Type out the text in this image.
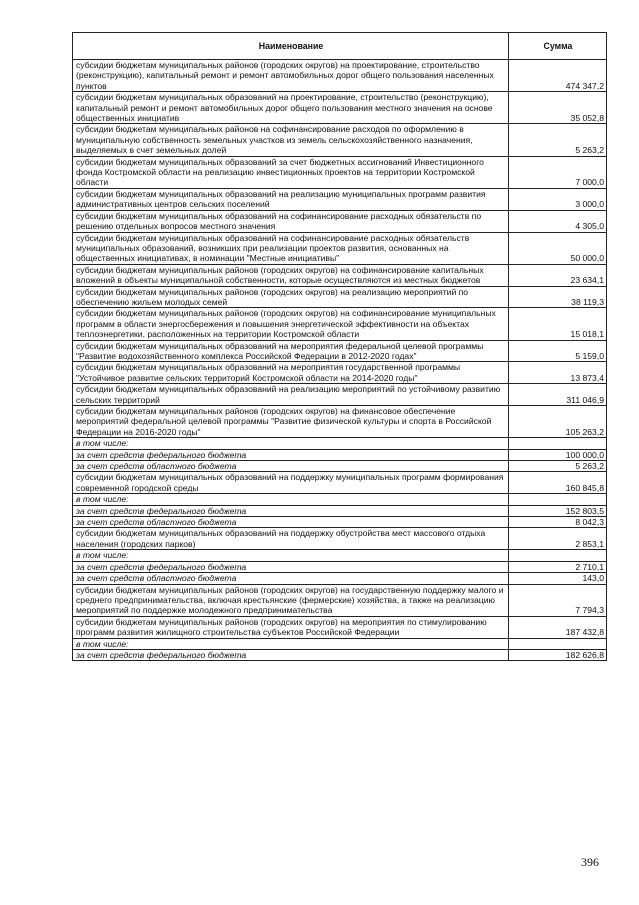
Наименование	Сумма
субсидии бюджетам муниципальных районов (городских округов) на проектирование, строительство (реконструкцию), капитальный ремонт и ремонт автомобильных дорог общего пользования населенных пунктов	474 347,2
субсидии бюджетам муниципальных образований на проектирование, строительство (реконструкцию), капитальный ремонт и ремонт автомобильных дорог общего пользования местного значения на основе общественных инициатив	35 052,8
субсидии бюджетам муниципальных районов на софинансирование расходов по оформлению в муниципальную собственность земельных участков из земель сельскохозяйственного назначения, выделяемых в счет земельных долей	5 263,2
субсидии бюджетам муниципальных образований за счет бюджетных ассигнований Инвестиционного фонда Костромской области на реализацию инвестиционных проектов на территории Костромской области	7 000,0
субсидии бюджетам муниципальных образований на реализацию муниципальных программ развития административных центров сельских поселений	3 000,0
субсидии бюджетам муниципальных образований на софинансирование расходных обязательств по решению отдельных вопросов местного значения	4 305,0
субсидии бюджетам муниципальных образований на софинансирование расходных обязательств муниципальных образований, возникших при реализации проектов развития, основанных на общественных инициативах, в номинации "Местные инициативы"	50 000,0
субсидии бюджетам муниципальных районов (городских округов) на софинансирование капитальных вложений в объекты муниципальной собственности, которые осуществляются из местных бюджетов	23 634,1
субсидии бюджетам муниципальных районов (городских округов) на реализацию мероприятий по обеспечению жильем молодых семей	38 119,3
субсидии бюджетам муниципальных районов (городских округов) на софинансирование муниципальных программ в области энергосбережения и повышения энергетической эффективности на объектах теплоэнергетики, расположенных на территории Костромской области	15 018,1
субсидии бюджетам муниципальных образований на мероприятия федеральной целевой программы "Развитие водохозяйственного комплекса Российской Федерации в 2012-2020 годах"	5 159,0
субсидии бюджетам муниципальных образований на мероприятия государственной программы "Устойчивое развитие сельских территорий Костромской области на 2014-2020 годы"	13 873,4
субсидии бюджетам муниципальных образований на реализацию мероприятий по устойчивому развитию сельских территорий	311 046,9
субсидии бюджетам муниципальных районов (городских округов) на финансовое обеспечение мероприятий федеральной целевой программы "Развитие физической культуры и спорта в Российской Федерации на 2016-2020 годы"	105 263,2
в том числе:	
за счет средств федерального бюджета	100 000,0
за счет средств областного бюджета	5 263,2
субсидии бюджетам муниципальных образований на поддержку муниципальных программ формирования современной городской среды	160 845,8
в том числе:	
за счет средств федерального бюджета	152 803,5
за счет средств областного бюджета	8 042,3
субсидии бюджетам муниципальных образований на поддержку обустройства мест массового отдыха населения (городских парков)	2 853,1
в том числе:	
за счет средств федерального бюджета	2 710,1
за счет средств областного бюджета	143,0
субсидии бюджетам муниципальных районов (городских округов) на государственную поддержку малого и среднего предпринимательства, включая крестьянские (фермерские) хозяйства, а также на реализацию мероприятий по поддержке молодежного предпринимательства	7 794,3
субсидии бюджетам муниципальных районов (городских округов) на мероприятия по стимулированию программ развития жилищного строительства субъектов Российской Федерации	187 432,8
в том числе:	
за счет средств федерального бюджета	182 626,8
396
